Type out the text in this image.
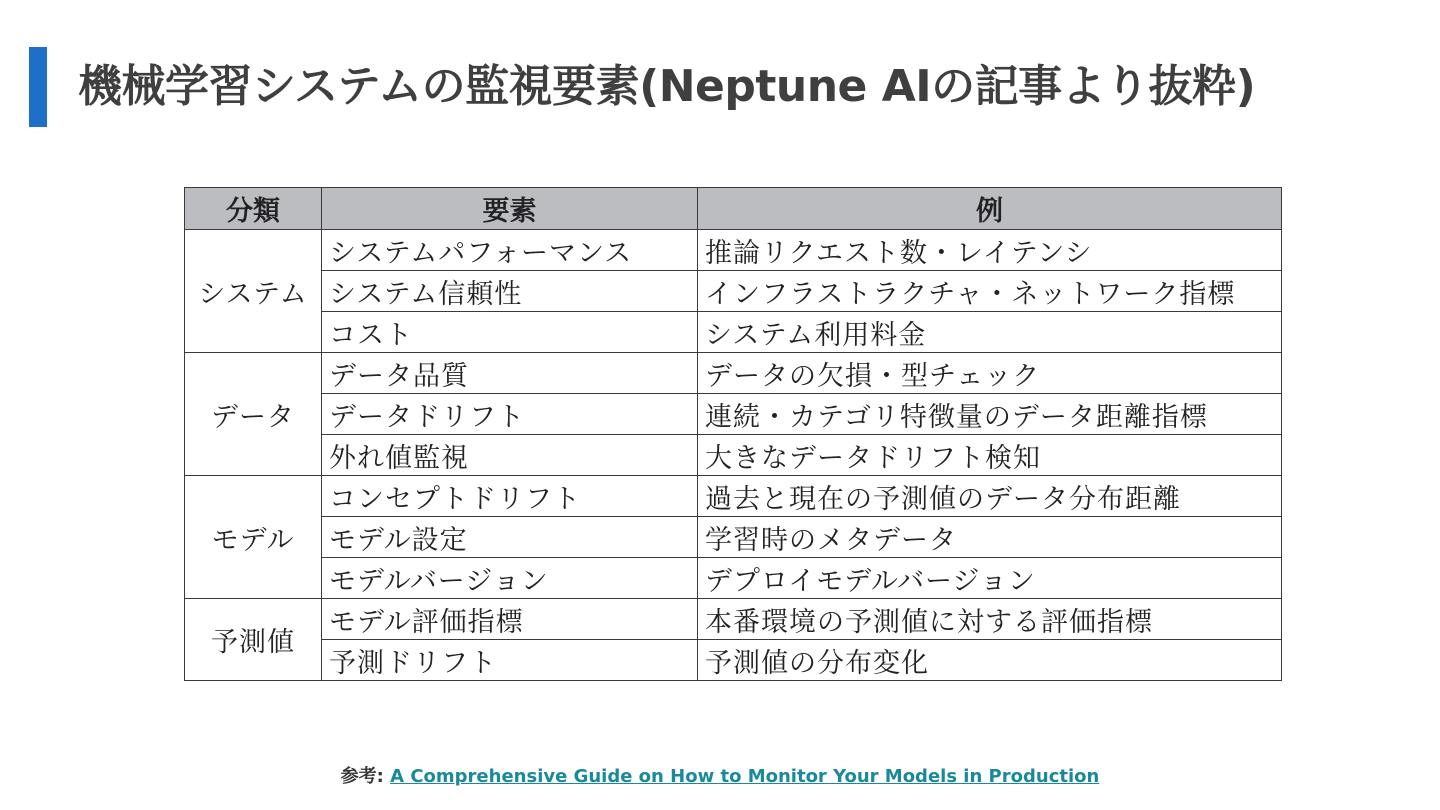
機械学習システムの監視要素(Neptune AIの記事より抜粋)
分類	要素	例
システム	システムパフォーマンス	推論リクエスト数・レイテンシ
	システム信頼性	インフラストラクチャ・ネットワーク指標
	コスト	システム利用料金
データ	データ品質	データの欠損・型チェック
	データドリフト	連続・カテゴリ特徴量のデータ距離指標
	外れ値監視	大きなデータドリフト検知
モデル	コンセプトドリフト	過去と現在の予測値のデータ分布距離
	モデル設定	学習時のメタデータ
	モデルバージョン	デプロイモデルバージョン
予測値	モデル評価指標	本番環境の予測値に対する評価指標
	予測ドリフト	予測値の分布変化
参考: A Comprehensive Guide on How to Monitor Your Models in Production
